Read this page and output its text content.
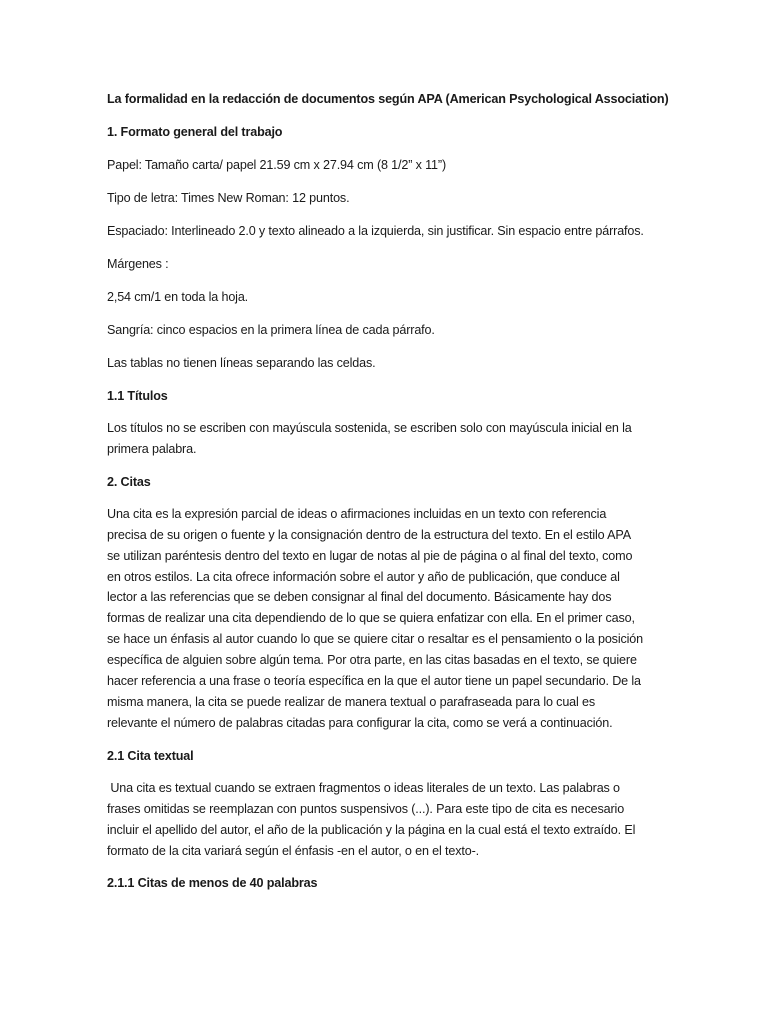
La formalidad en la redacción de documentos según APA (American Psychological Association)
1. Formato general del trabajo
Papel: Tamaño carta/ papel 21.59 cm x 27.94 cm (8 1/2” x 11”)
Tipo de letra: Times New Roman: 12 puntos.
Espaciado: Interlineado 2.0 y texto alineado a la izquierda, sin justificar. Sin espacio entre párrafos.
Márgenes :
2,54 cm/1 en toda la hoja.
Sangría: cinco espacios en la primera línea de cada párrafo.
Las tablas no tienen líneas separando las celdas.
1.1 Títulos
Los títulos no se escriben con mayúscula sostenida, se escriben solo con mayúscula inicial en la
primera palabra.
2. Citas
Una cita es la expresión parcial de ideas o afirmaciones incluidas en un texto con referencia
precisa de su origen o fuente y la consignación dentro de la estructura del texto. En el estilo APA
se utilizan paréntesis dentro del texto en lugar de notas al pie de página o al final del texto, como
en otros estilos. La cita ofrece información sobre el autor y año de publicación, que conduce al
lector a las referencias que se deben consignar al final del documento. Básicamente hay dos
formas de realizar una cita dependiendo de lo que se quiera enfatizar con ella. En el primer caso,
se hace un énfasis al autor cuando lo que se quiere citar o resaltar es el pensamiento o la posición
específica de alguien sobre algún tema. Por otra parte, en las citas basadas en el texto, se quiere
hacer referencia a una frase o teoría específica en la que el autor tiene un papel secundario. De la
misma manera, la cita se puede realizar de manera textual o parafraseada para lo cual es
relevante el número de palabras citadas para configurar la cita, como se verá a continuación.
2.1 Cita textual
Una cita es textual cuando se extraen fragmentos o ideas literales de un texto. Las palabras o
frases omitidas se reemplazan con puntos suspensivos (...). Para este tipo de cita es necesario
incluir el apellido del autor, el año de la publicación y la página en la cual está el texto extraído. El
formato de la cita variará según el énfasis -en el autor, o en el texto-.
2.1.1 Citas de menos de 40 palabras
